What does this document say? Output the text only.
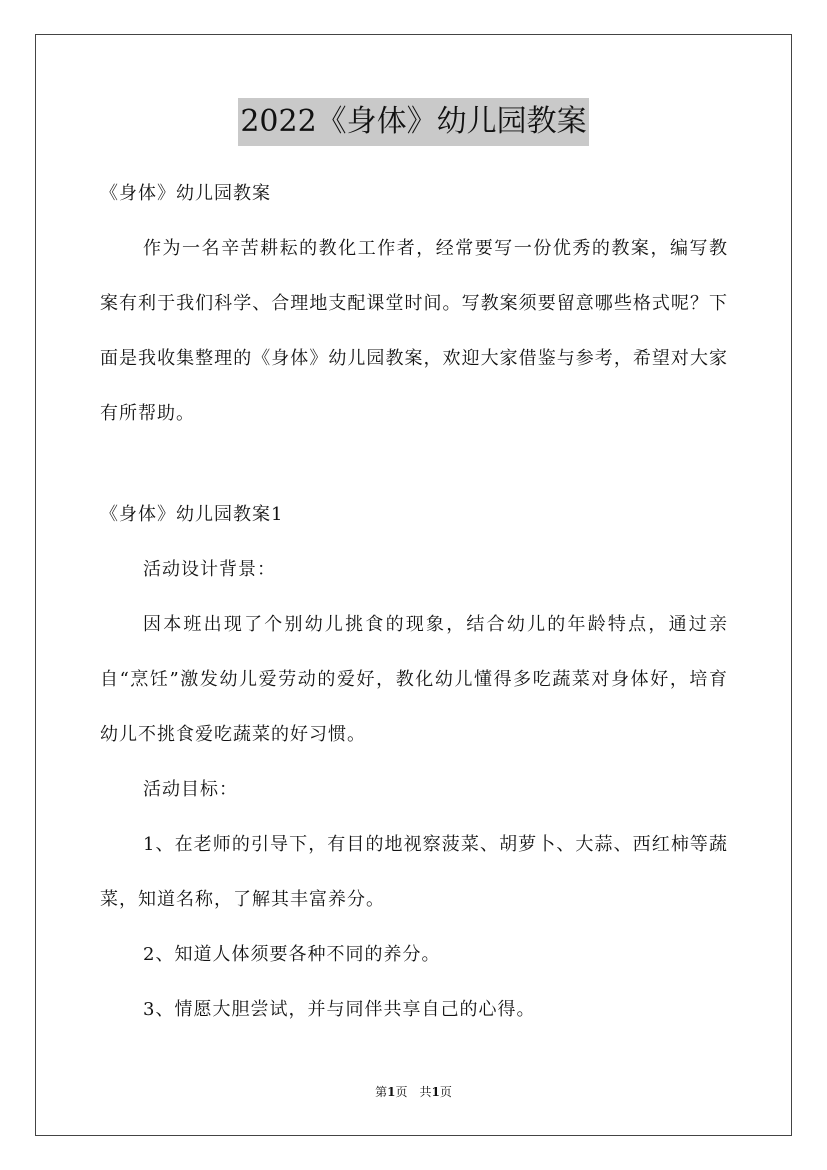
2022《身体》幼儿园教案

《身体》幼儿园教案

作为一名辛苦耕耘的教化工作者，经常要写一份优秀的教案，编写教案有利于我们科学、合理地支配课堂时间。写教案须要留意哪些格式呢？下面是我收集整理的《身体》幼儿园教案，欢迎大家借鉴与参考，希望对大家有所帮助。

《身体》幼儿园教案1

活动设计背景：

因本班出现了个别幼儿挑食的现象，结合幼儿的年龄特点，通过亲自“烹饪”激发幼儿爱劳动的爱好，教化幼儿懂得多吃蔬菜对身体好，培育幼儿不挑食爱吃蔬菜的好习惯。

活动目标：

1、在老师的引导下，有目的地视察菠菜、胡萝卜、大蒜、西红柿等蔬菜，知道名称，了解其丰富养分。

2、知道人体须要各种不同的养分。

3、情愿大胆尝试，并与同伴共享自己的心得。

第1页 共1页
